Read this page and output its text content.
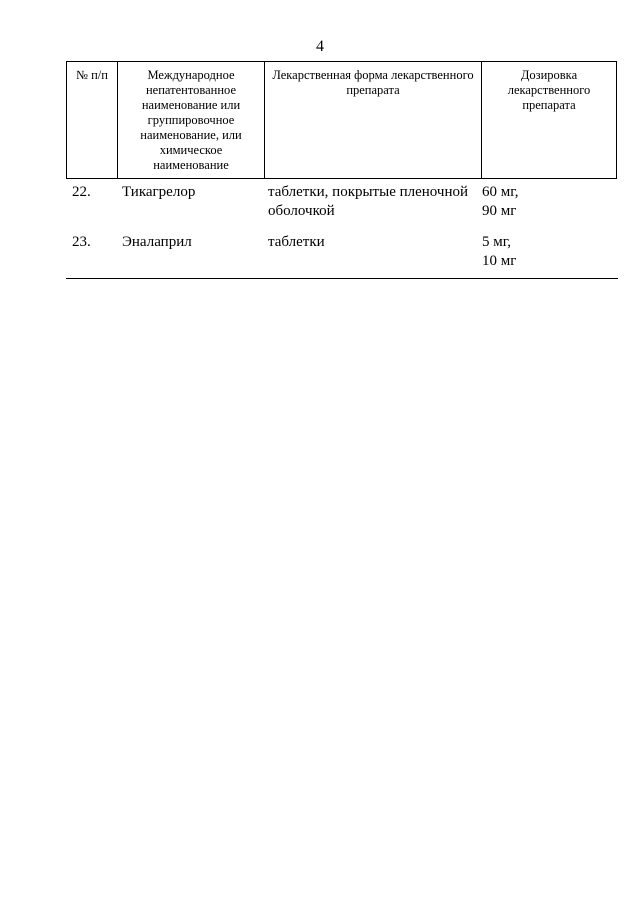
4
№ п/п	Международное непатентованное наименование или группировочное наименование, или химическое наименование	Лекарственная форма лекарственного препарата	Дозировка лекарственного препарата
22.	Тикагрелор	таблетки, покрытые пленочной оболочкой	60 мг,
90 мг

23.	Эналаприл	таблетки	5 мг,
10 мг
